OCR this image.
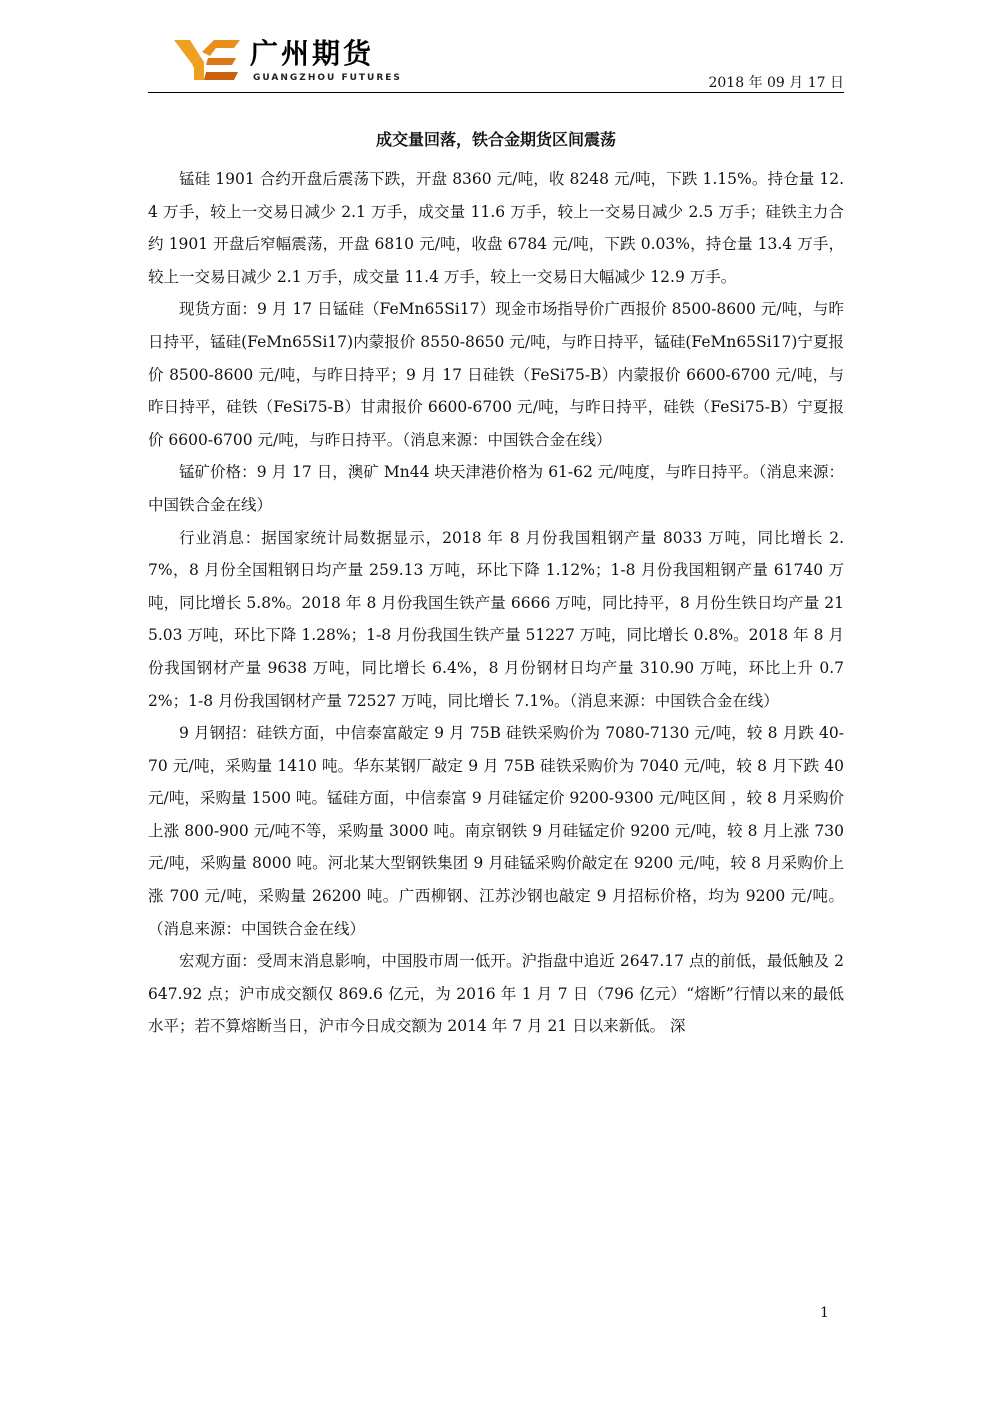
广州期货
GUANGZHOU FUTURES	2018 年 09 月 17 日
成交量回落，铁合金期货区间震荡

锰硅 1901 合约开盘后震荡下跌，开盘 8360 元/吨，收 8248 元/吨，下跌 1.15%。持仓量 12.4 万手，较上一交易日减少 2.1 万手，成交量 11.6 万手，较上一交易日减少 2.5 万手；硅铁主力合约 1901 开盘后窄幅震荡，开盘 6810 元/吨，收盘 6784 元/吨，下跌 0.03%，持仓量 13.4 万手，较上一交易日减少 2.1 万手，成交量 11.4 万手，较上一交易日大幅减少 12.9 万手。

现货方面：9 月 17 日锰硅（FeMn65Si17）现金市场指导价广西报价 8500-8600 元/吨，与昨日持平，锰硅(FeMn65Si17)内蒙报价 8550-8650 元/吨，与昨日持平，锰硅(FeMn65Si17)宁夏报价 8500-8600 元/吨，与昨日持平；9 月 17 日硅铁（FeSi75-B）内蒙报价 6600-6700 元/吨，与昨日持平，硅铁（FeSi75-B）甘肃报价 6600-6700 元/吨，与昨日持平，硅铁（FeSi75-B）宁夏报价 6600-6700 元/吨，与昨日持平。（消息来源：中国铁合金在线）

锰矿价格：9 月 17 日，澳矿 Mn44 块天津港价格为 61-62 元/吨度，与昨日持平。（消息来源：中国铁合金在线）

行业消息：据国家统计局数据显示，2018 年 8 月份我国粗钢产量 8033 万吨，同比增长 2.7%，8 月份全国粗钢日均产量 259.13 万吨，环比下降 1.12%；1-8 月份我国粗钢产量 61740 万吨，同比增长 5.8%。2018 年 8 月份我国生铁产量 6666 万吨，同比持平，8 月份生铁日均产量 215.03 万吨，环比下降 1.28%；1-8 月份我国生铁产量 51227 万吨，同比增长 0.8%。2018 年 8 月份我国钢材产量 9638 万吨，同比增长 6.4%，8 月份钢材日均产量 310.90 万吨，环比上升 0.72%；1-8 月份我国钢材产量 72527 万吨，同比增长 7.1%。（消息来源：中国铁合金在线）

9 月钢招：硅铁方面，中信泰富敲定 9 月 75B 硅铁采购价为 7080-7130 元/吨，较 8 月跌 40-70 元/吨，采购量 1410 吨。华东某钢厂敲定 9 月 75B 硅铁采购价为 7040 元/吨，较 8 月下跌 40 元/吨，采购量 1500 吨。锰硅方面，中信泰富 9 月硅锰定价 9200-9300 元/吨区间 ，较 8 月采购价上涨 800-900 元/吨不等，采购量 3000 吨。南京钢铁 9 月硅锰定价 9200 元/吨，较 8 月上涨 730 元/吨，采购量 8000 吨。河北某大型钢铁集团 9 月硅锰采购价敲定在 9200 元/吨，较 8 月采购价上涨 700 元/吨，采购量 26200 吨。广西柳钢、江苏沙钢也敲定 9 月招标价格，均为 9200 元/吨。（消息来源：中国铁合金在线）

宏观方面：受周末消息影响，中国股市周一低开。沪指盘中追近 2647.17 点的前低，最低触及 2647.92 点；沪市成交额仅 869.6 亿元，为 2016 年 1 月 7 日（796 亿元）“熔断”行情以来的最低水平；若不算熔断当日，沪市今日成交额为 2014 年 7 月 21 日以来新低。 深

1
